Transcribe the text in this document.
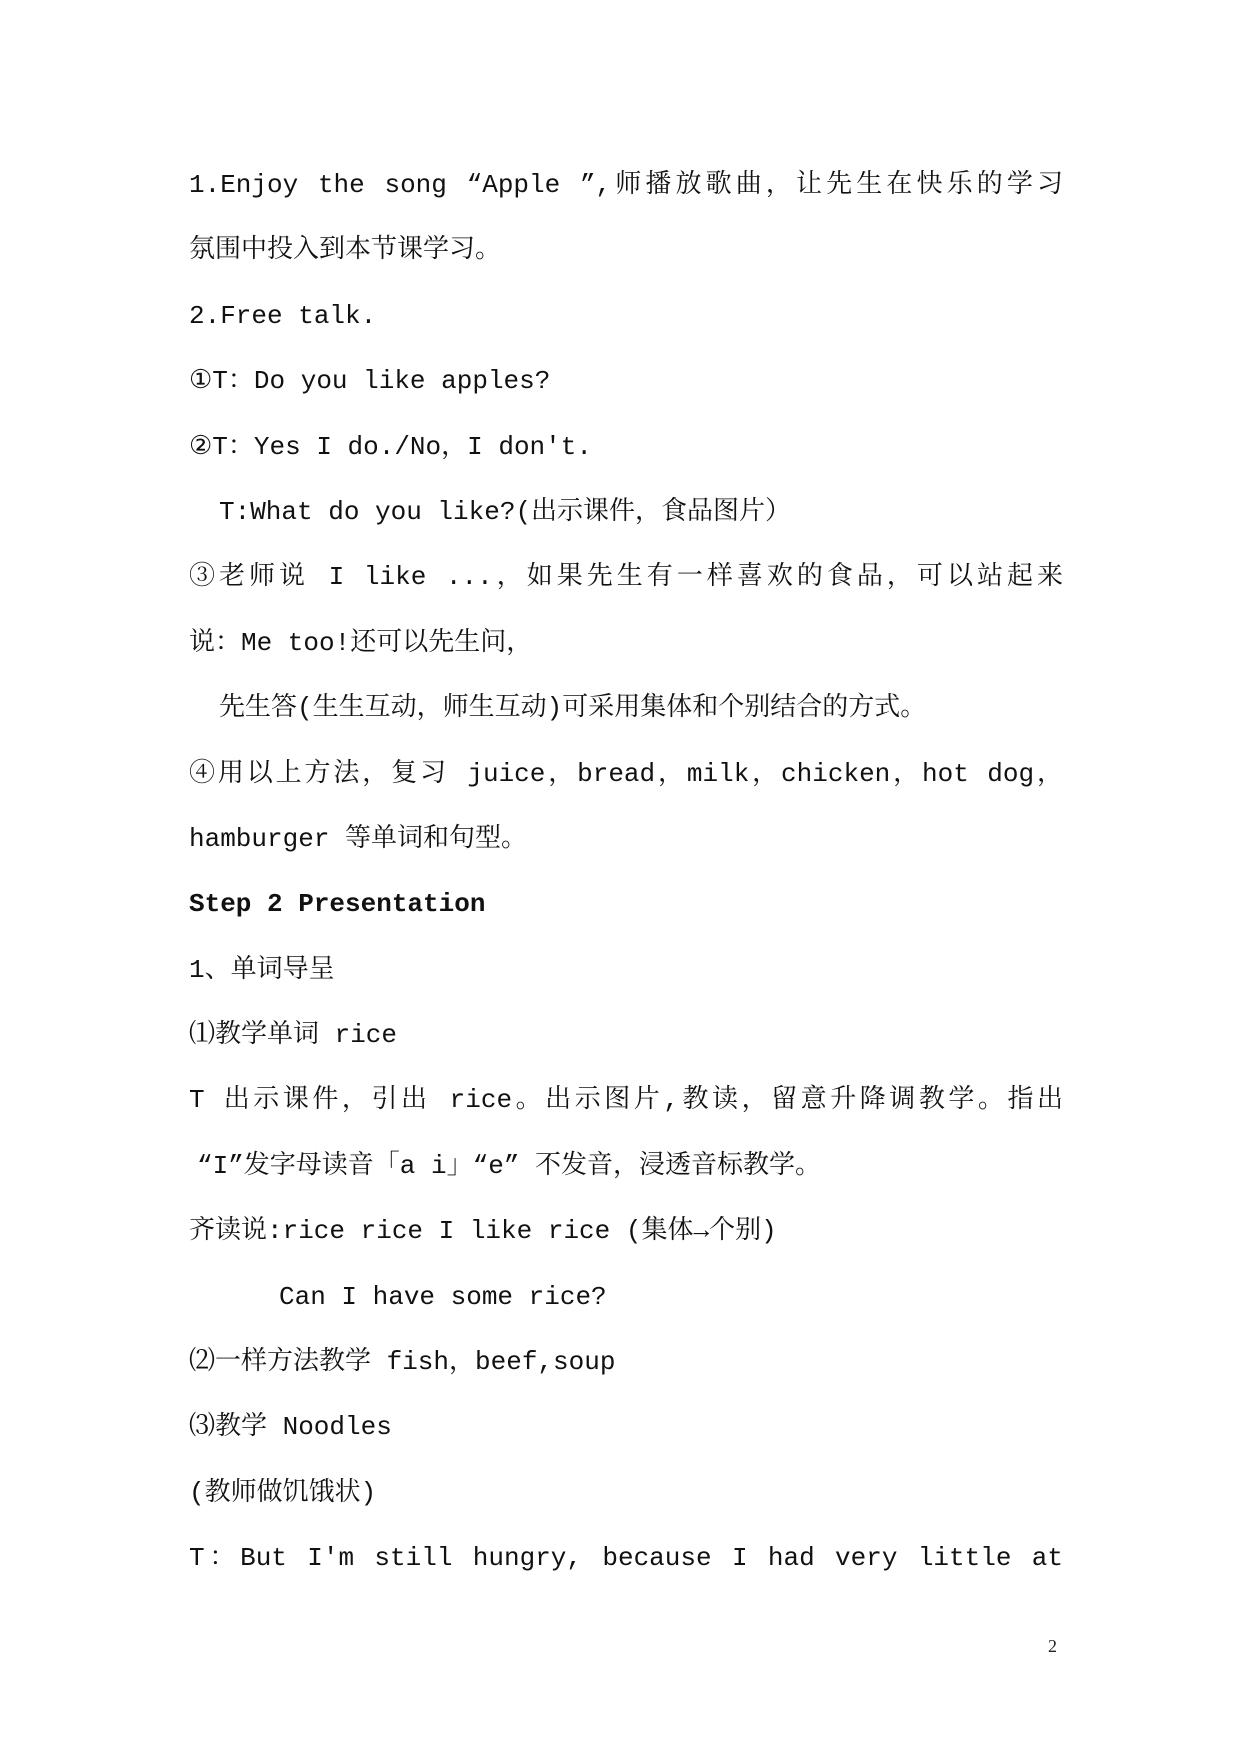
1.Enjoy the song “Apple ”,师播放歌曲，让先生在快乐的学习
氛围中投入到本节课学习。
2.Free talk.
①T：Do you like apples?
②T：Yes I do./No，I don't.
T:What do you like?(出示课件，食品图片）
③老师说 I like ...，如果先生有一样喜欢的食品，可以站起来
说：Me too!还可以先生问，
先生答(生生互动，师生互动)可采用集体和个别结合的方式。
④用以上方法，复习 juice，bread，milk，chicken，hot dog，
hamburger 等单词和句型。
Step 2 Presentation
1、单词导呈
⑴教学单词 rice
T 出示课件，引出 rice。出示图片,教读，留意升降调教学。指出
“I”发字母读音「a i」“e” 不发音，浸透音标教学。
齐读说:rice rice I like rice (集体→个别)
Can I have some rice?
⑵一样方法教学 fish，beef,soup
⑶教学 Noodles
(教师做饥饿状)
T：But I'm still hungry, because I had very little at
2
